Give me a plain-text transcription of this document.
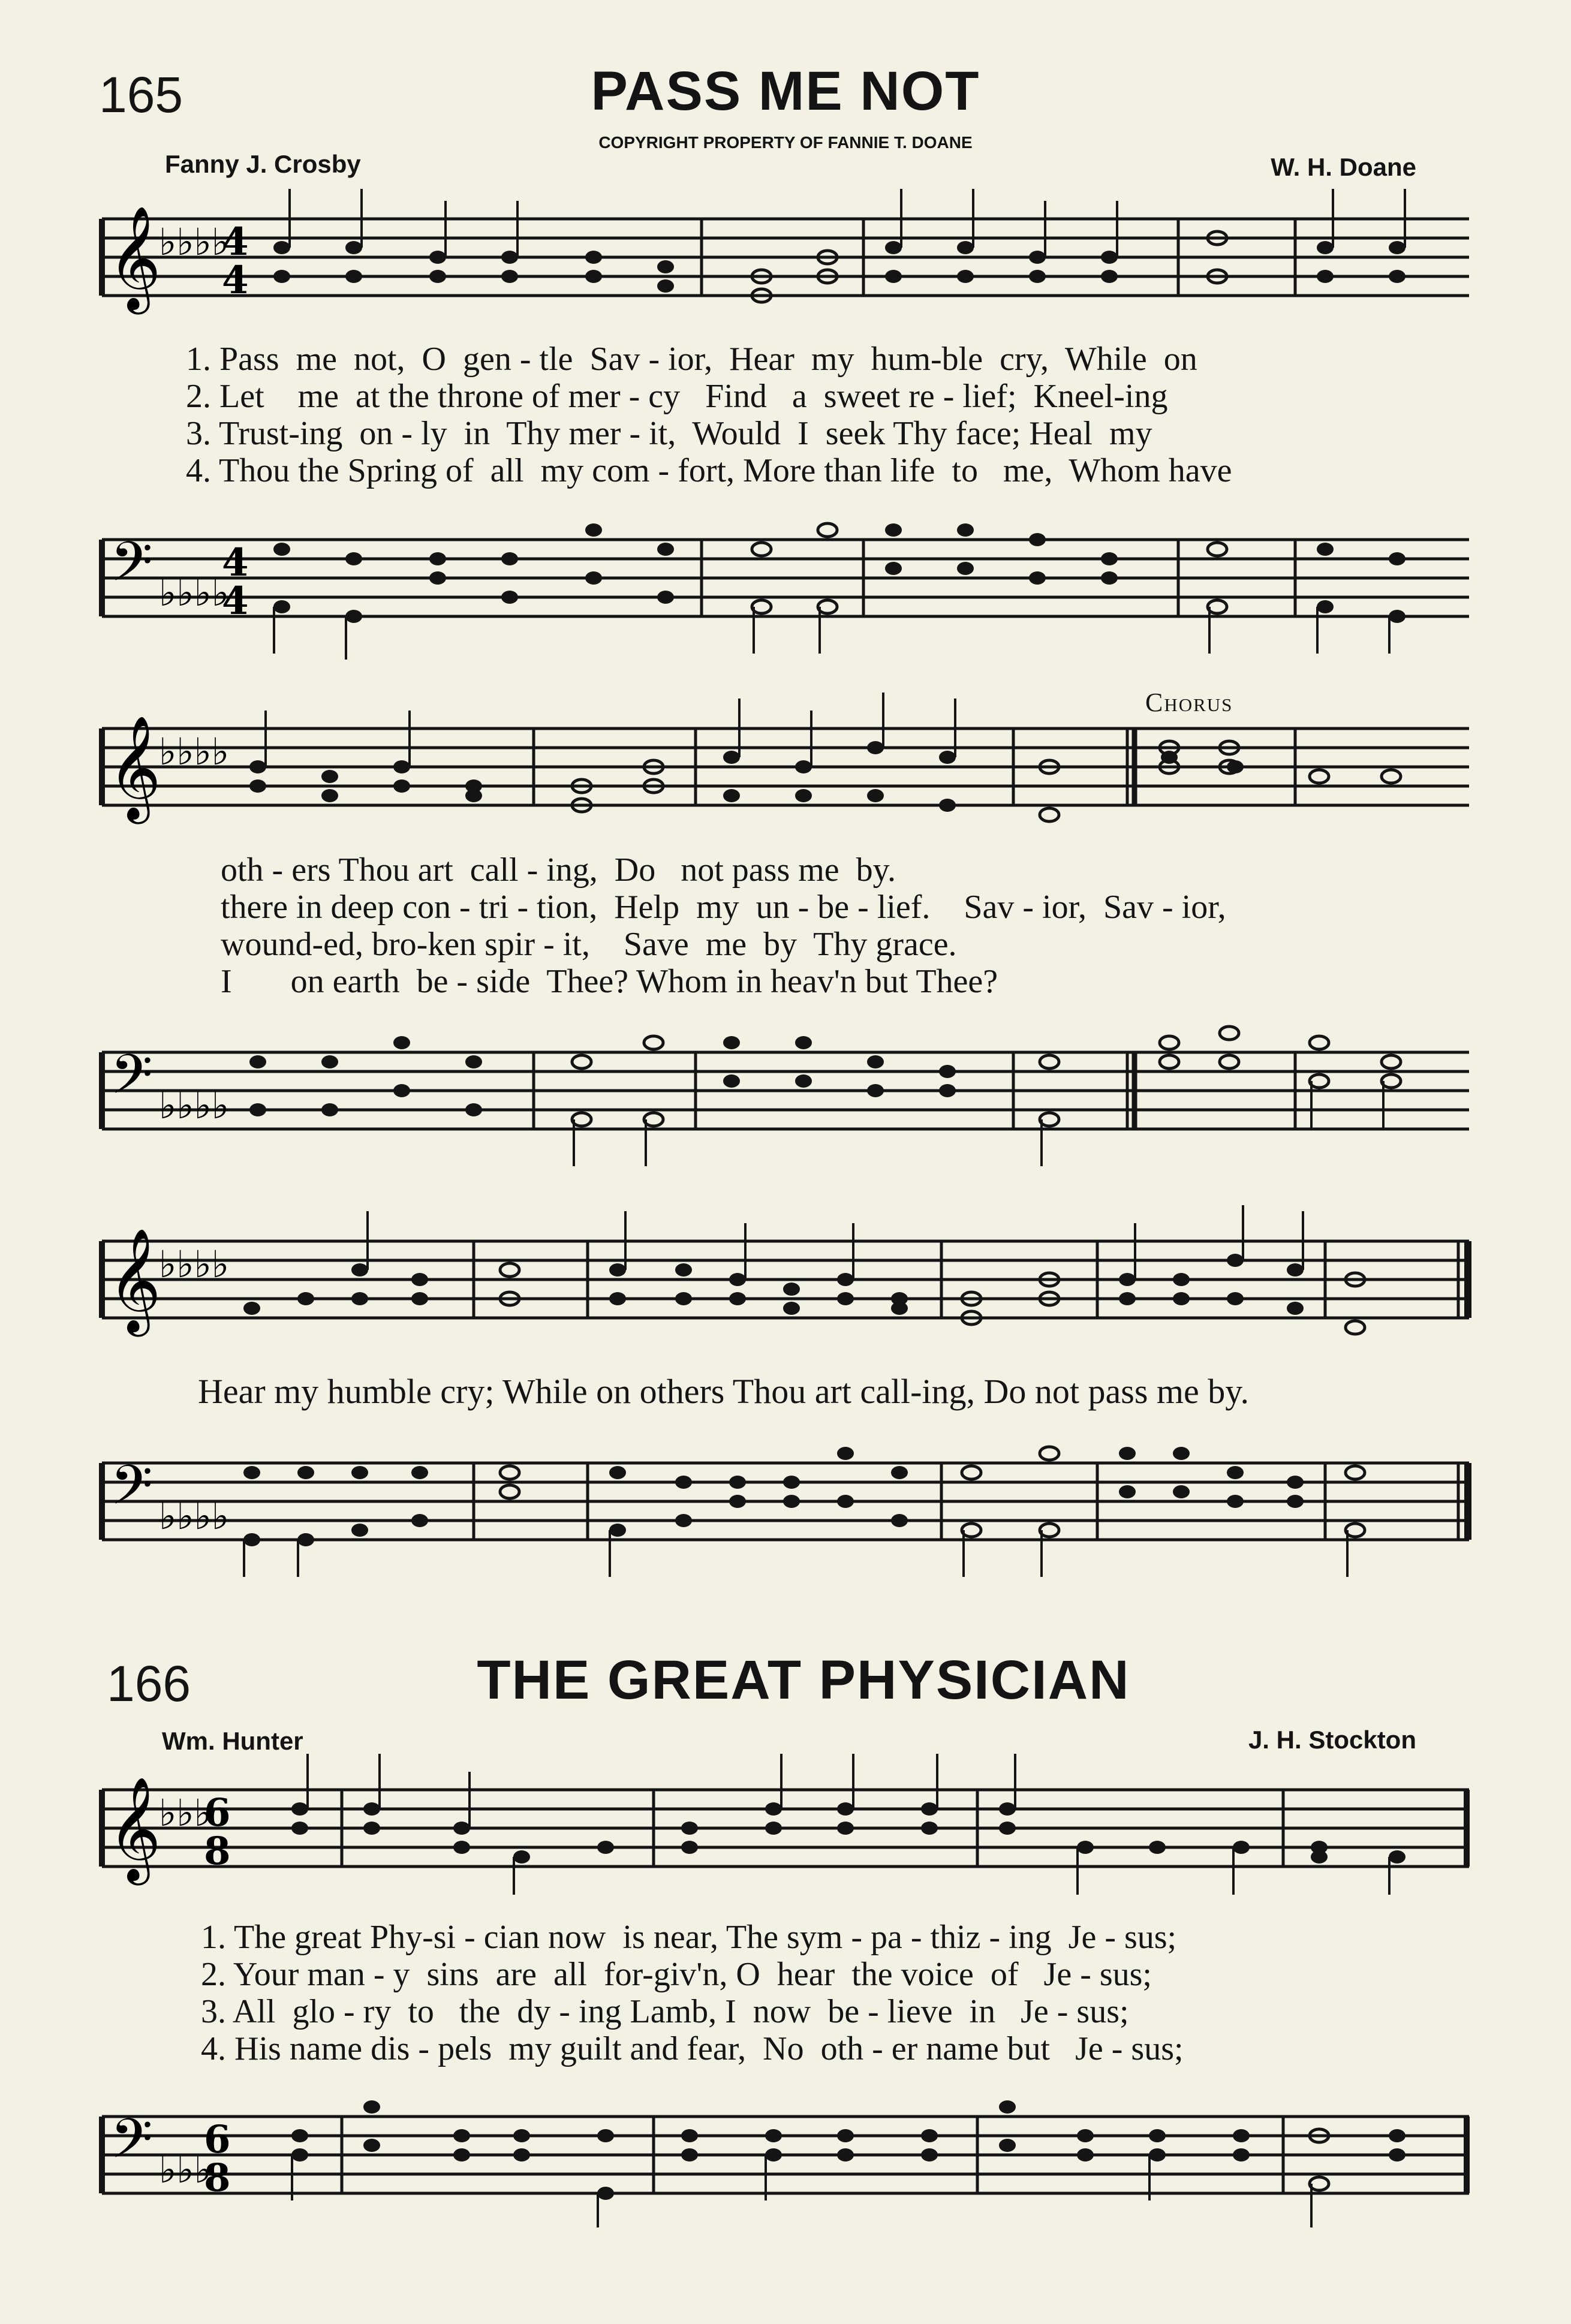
165	PASS ME NOT
COPYRIGHT PROPERTY OF FANNIE T. DOANE
Fanny J. Crosby	W. H. Doane
𝄞
♭♭♭♭
4
4
1. Pass  me  not,  O  gen - tle  Sav - ior,  Hear  my  hum-ble  cry,  While  on
2. Let    me  at the throne of mer - cy   Find   a  sweet re - lief;  Kneel-ing
3. Trust-ing  on - ly  in  Thy mer - it,  Would  I  seek Thy face; Heal  my
4. Thou the Spring of  all  my com - fort, More than life  to   me,  Whom have
𝄢 ♭♭♭♭
4
4
Chorus
𝄞
♭♭♭♭
oth - ers Thou art  call - ing,  Do   not pass me  by.
there in deep con - tri - tion,  Help  my  un - be - lief.    Sav - ior,  Sav - ior,
wound-ed, bro-ken spir - it,    Save  me  by  Thy grace.
I       on earth  be - side  Thee? Whom in heav'n but Thee?
𝄢 ♭♭♭♭
𝄞
♭♭♭♭
Hear my humble cry; While on others Thou art call-ing, Do not pass me by.
𝄢 ♭♭♭♭
166	THE GREAT PHYSICIAN
Wm. Hunter	J. H. Stockton
𝄞
♭♭♭
6
8
1. The great Phy-si - cian now  is near, The sym - pa - thiz - ing  Je - sus;
2. Your man - y  sins  are  all  for-giv'n, O  hear  the voice  of   Je - sus;
3. All  glo - ry  to   the  dy - ing Lamb, I  now  be - lieve  in   Je - sus;
4. His name dis - pels  my guilt and fear,  No  oth - er name but   Je - sus;
𝄢 ♭♭♭
6
8
